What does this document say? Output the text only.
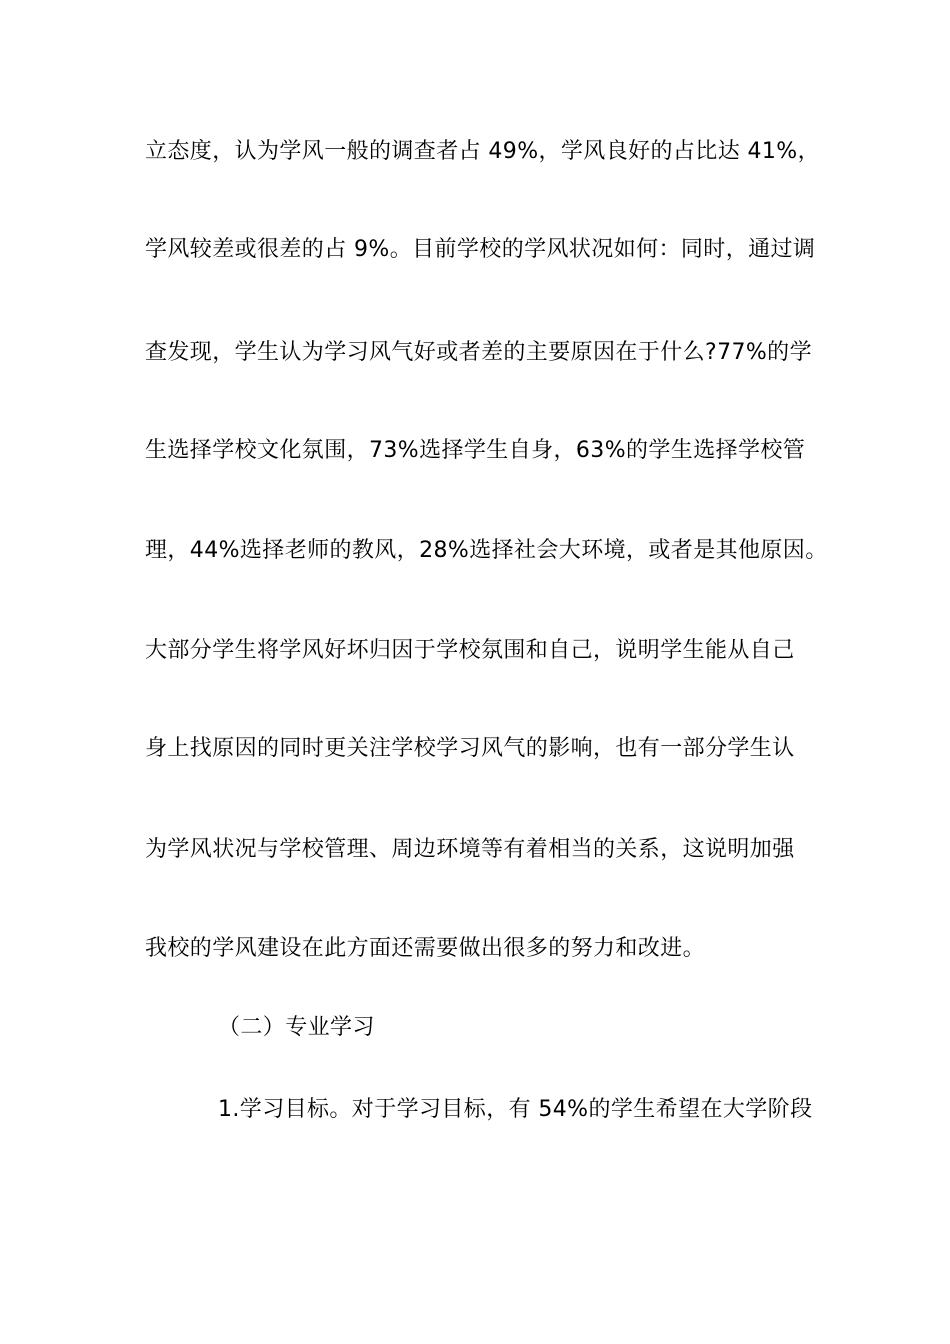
立态度，认为学风一般的调查者占 49%，学风良好的占比达 41%，
学风较差或很差的占 9%。目前学校的学风状况如何：同时，通过调
查发现，学生认为学习风气好或者差的主要原因在于什么?77%的学
生选择学校文化氛围，73%选择学生自身，63%的学生选择学校管
理，44%选择老师的教风，28%选择社会大环境，或者是其他原因。
大部分学生将学风好坏归因于学校氛围和自己，说明学生能从自己
身上找原因的同时更关注学校学习风气的影响，也有一部分学生认
为学风状况与学校管理、周边环境等有着相当的关系，这说明加强
我校的学风建设在此方面还需要做出很多的努力和改进。
（二）专业学习
1.学习目标。对于学习目标，有 54%的学生希望在大学阶段
